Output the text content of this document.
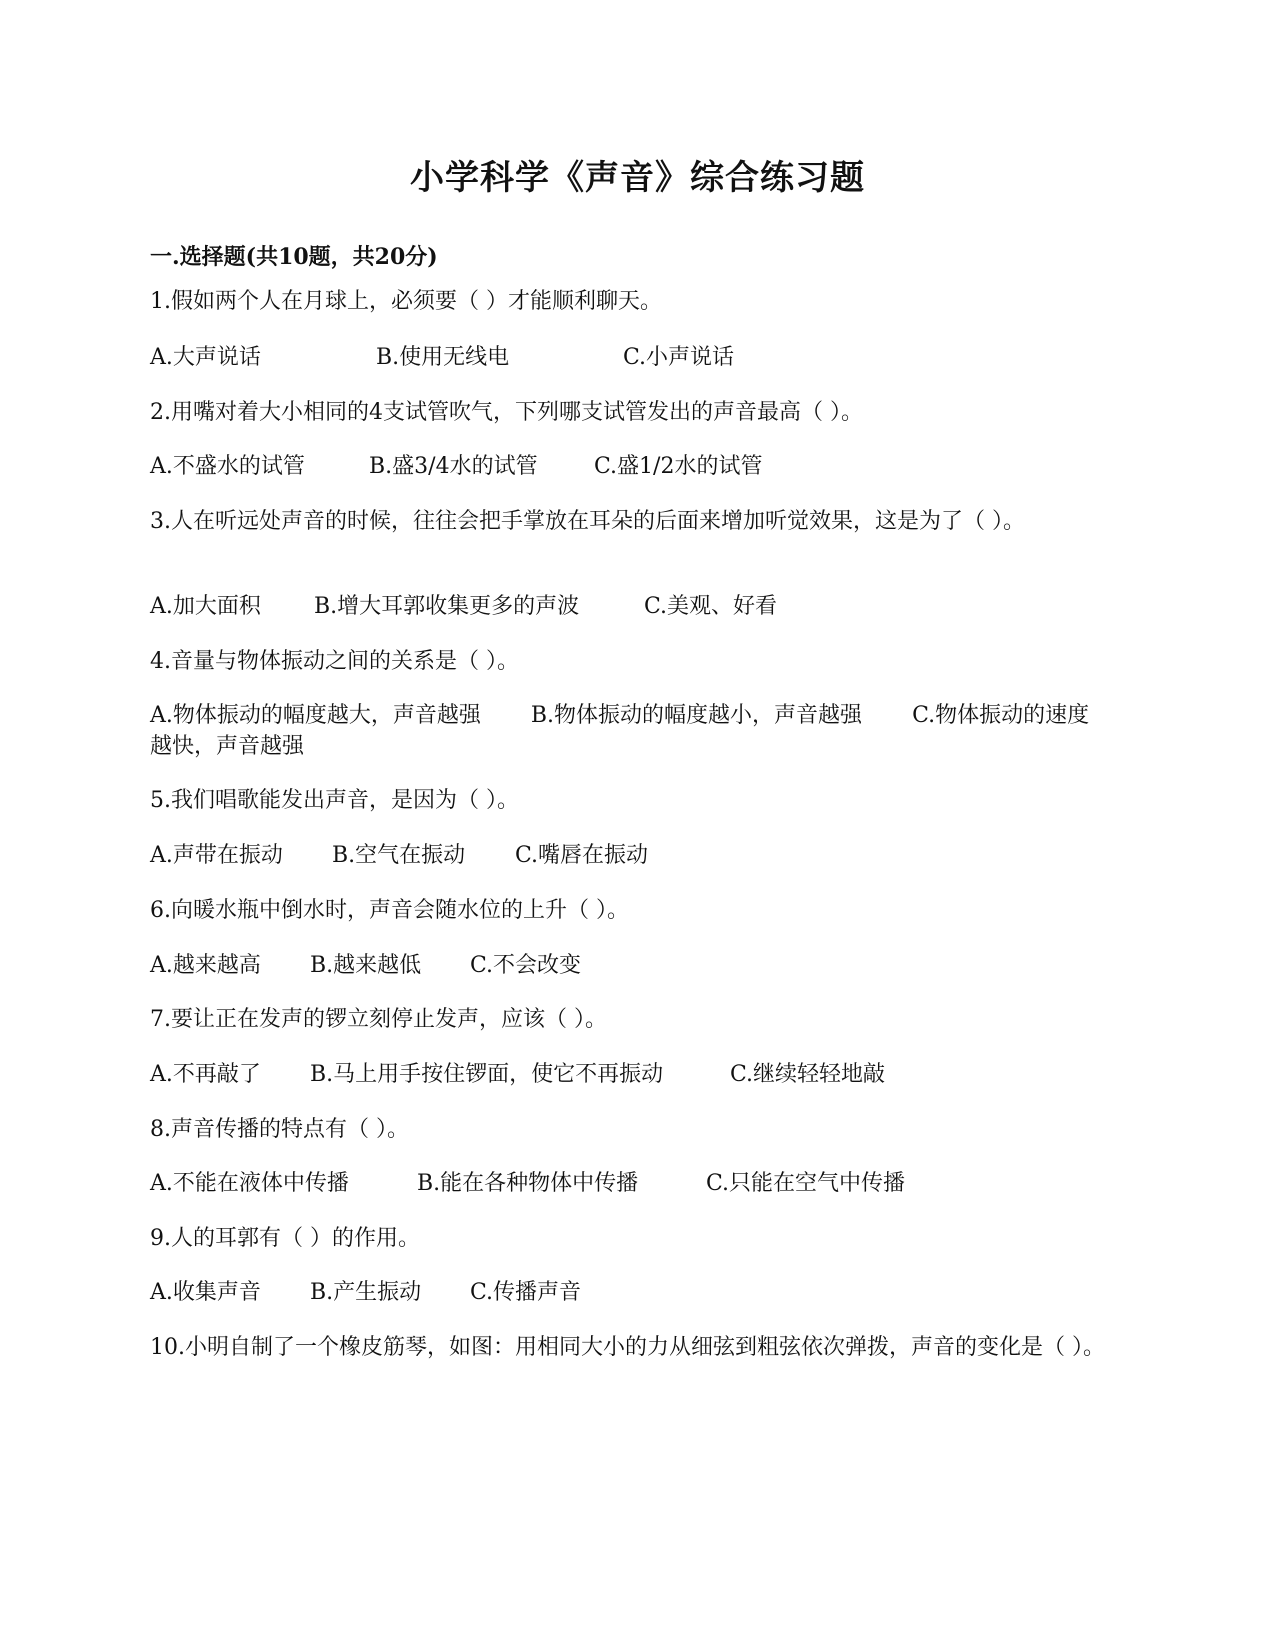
小学科学《声音》综合练习题
一.选择题(共10题，共20分)

1.假如两个人在月球上，必须要（ ）才能顺利聊天。

A.大声说话	B.使用无线电	C.小声说话

2.用嘴对着大小相同的4支试管吹气，下列哪支试管发出的声音最高（ ）。

A.不盛水的试管	B.盛3/4水的试管	C.盛1/2水的试管

3.人在听远处声音的时候，往往会把手掌放在耳朵的后面来增加听觉效果，这是为了（ ）。

A.加大面积 B.增大耳郭收集更多的声波	C.美观、好看

4.音量与物体振动之间的关系是（ ）。

A.物体振动的幅度越大，声音越强 B.物体振动的幅度越小，声音越强 C.物体振动的速度越快，声音越强

5.我们唱歌能发出声音，是因为（ ）。

A.声带在振动 B.空气在振动 C.嘴唇在振动

6.向暖水瓶中倒水时，声音会随水位的上升（ ）。

A.越来越高 B.越来越低 C.不会改变

7.要让正在发声的锣立刻停止发声，应该（ ）。

A.不再敲了 B.马上用手按住锣面，使它不再振动	C.继续轻轻地敲

8.声音传播的特点有（ ）。

A.不能在液体中传播	B.能在各种物体中传播	C.只能在空气中传播

9.人的耳郭有（ ）的作用。

A.收集声音 B.产生振动 C.传播声音

10.小明自制了一个橡皮筋琴，如图：用相同大小的力从细弦到粗弦依次弹拨，声音的变化是（ ）。
